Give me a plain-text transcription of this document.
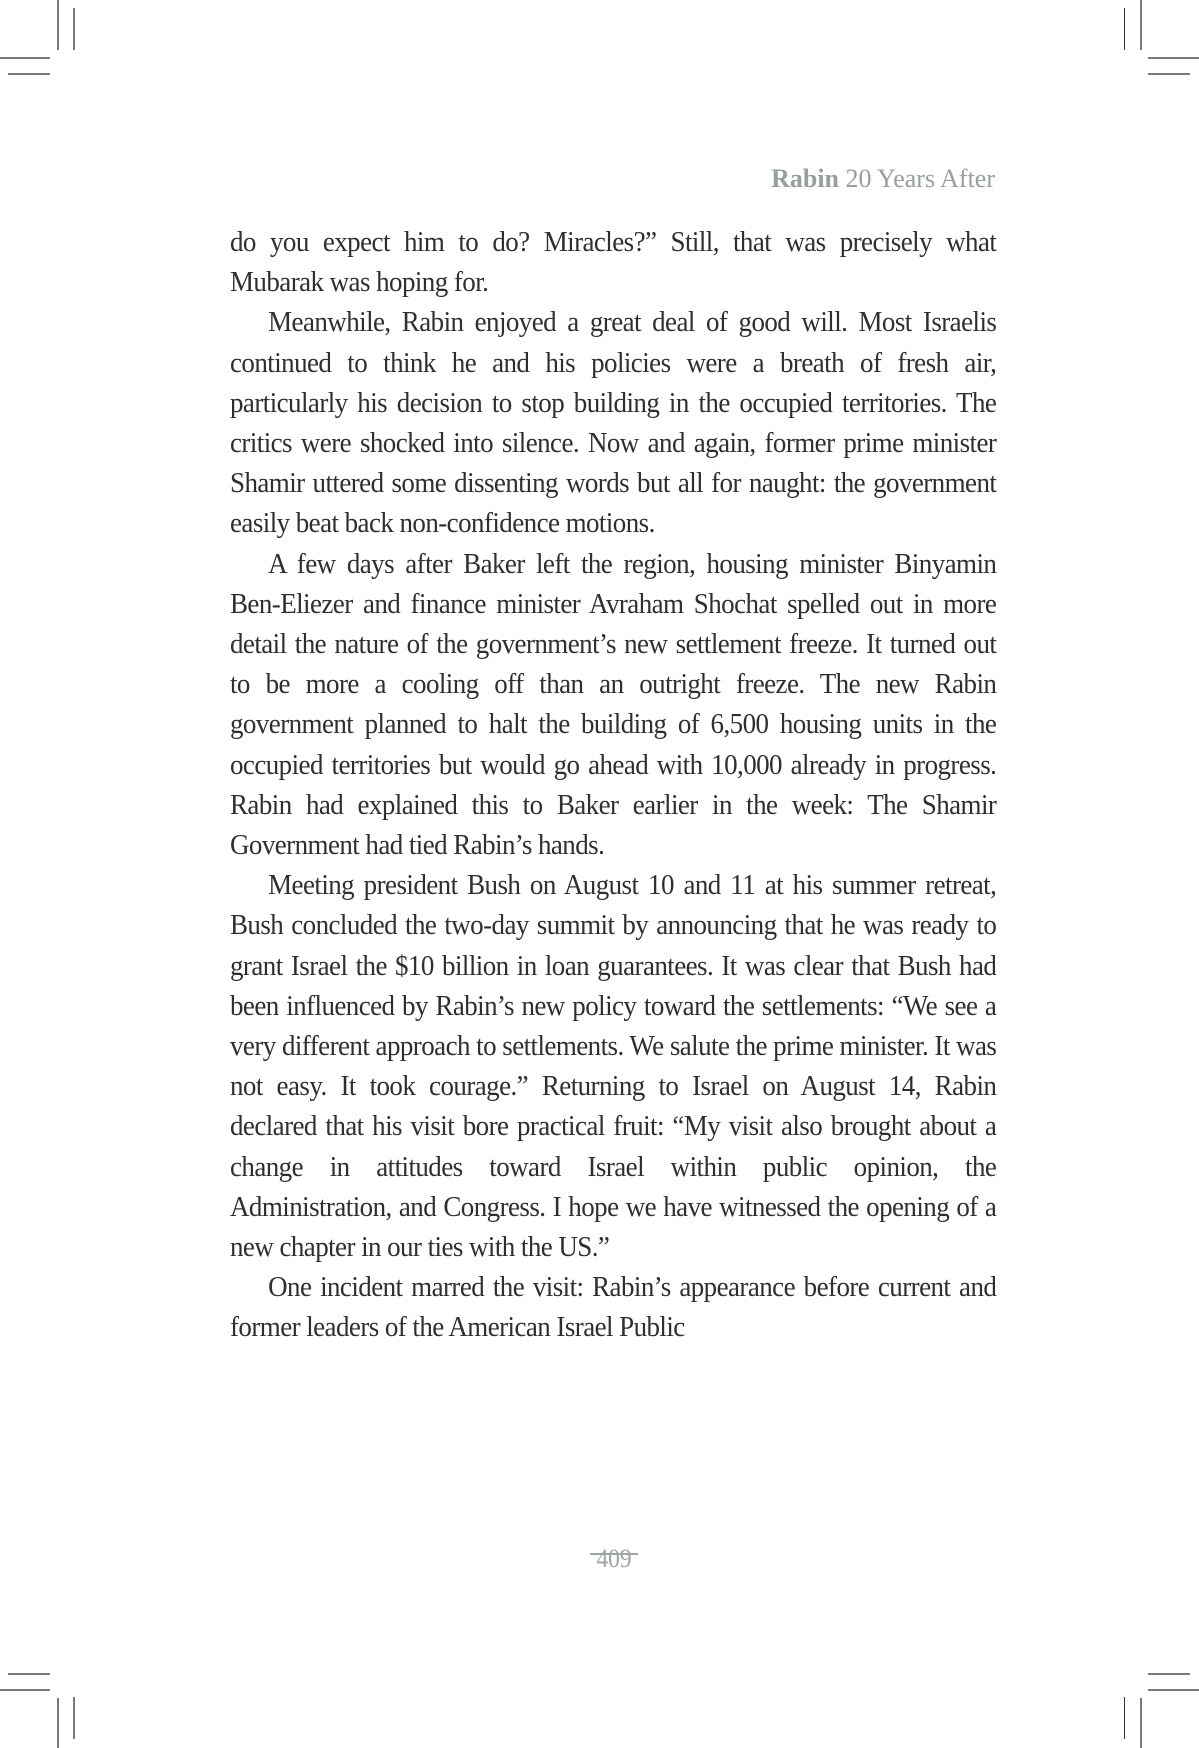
Rabin 20 Years After

do you expect him to do? Miracles?” Still, that was precisely what Mubarak was hoping for.

Meanwhile, Rabin enjoyed a great deal of good will. Most Israelis continued to think he and his policies were a breath of fresh air, particularly his decision to stop building in the occupied territories. The critics were shocked into silence. Now and again, former prime minister Shamir uttered some dissenting words but all for naught: the government easily beat back non-confidence motions.

A few days after Baker left the region, housing minister Binyamin Ben-Eliezer and finance minister Avraham Shochat spelled out in more detail the nature of the government’s new settlement freeze. It turned out to be more a cooling off than an outright freeze. The new Rabin government planned to halt the building of 6,500 housing units in the occupied territories but would go ahead with 10,000 already in progress. Rabin had explained this to Baker earlier in the week: The Shamir Government had tied Rabin’s hands.

Meeting president Bush on August 10 and 11 at his summer retreat, Bush concluded the two-day summit by announcing that he was ready to grant Israel the $10 billion in loan guarantees. It was clear that Bush had been influenced by Rabin’s new policy toward the settlements: “We see a very different approach to settlements. We salute the prime minister. It was not easy. It took courage.” Returning to Israel on August 14, Rabin declared that his visit bore practical fruit: “My visit also brought about a change in attitudes toward Israel within public opinion, the Administration, and Congress. I hope we have witnessed the opening of a new chapter in our ties with the US.”

One incident marred the visit: Rabin’s appearance before current and former leaders of the American Israel Public

409
